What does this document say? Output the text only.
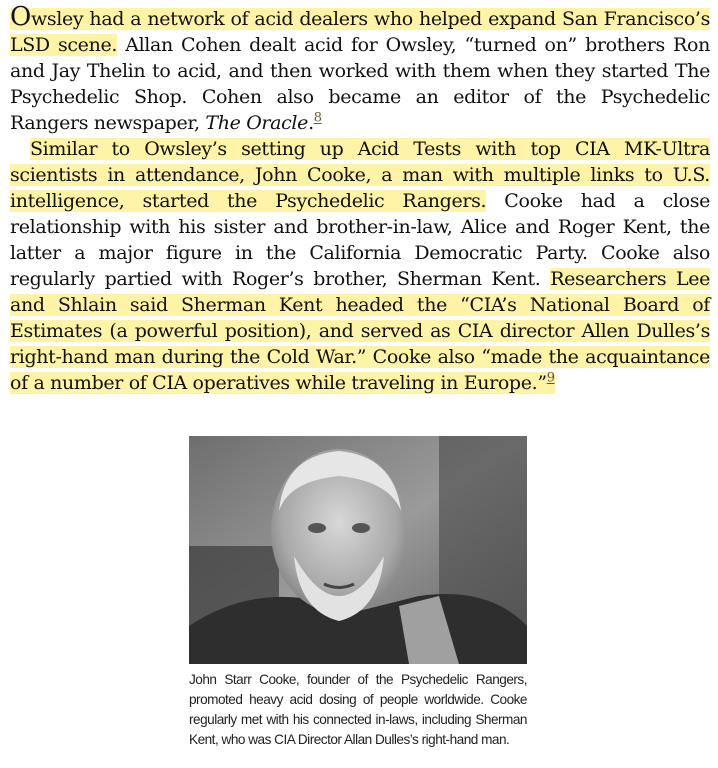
Owsley had a network of acid dealers who helped expand San Francisco’s LSD scene. Allan Cohen dealt acid for Owsley, “turned on” brothers Ron and Jay Thelin to acid, and then worked with them when they started The Psychedelic Shop. Cohen also became an editor of the Psychedelic Rangers newspaper, The Oracle.$^8$

Similar to Owsley’s setting up Acid Tests with top CIA MK-Ultra scientists in attendance, John Cooke, a man with multiple links to U.S. intelligence, started the Psychedelic Rangers. Cooke had a close relationship with his sister and brother-in-law, Alice and Roger Kent, the latter a major figure in the California Democratic Party. Cooke also regularly partied with Roger’s brother, Sherman Kent. Researchers Lee and Shlain said Sherman Kent headed the “CIA’s National Board of Estimates (a powerful position), and served as CIA director Allen Dulles’s right-hand man during the Cold War.” Cooke also “made the acquaintance of a number of CIA operatives while traveling in Europe.”$^9$

John Starr Cooke, founder of the Psychedelic Rangers, promoted heavy acid dosing of people worldwide. Cooke regularly met with his connected in-laws, including Sherman Kent, who was CIA Director Allan Dulles’s right-hand man.
